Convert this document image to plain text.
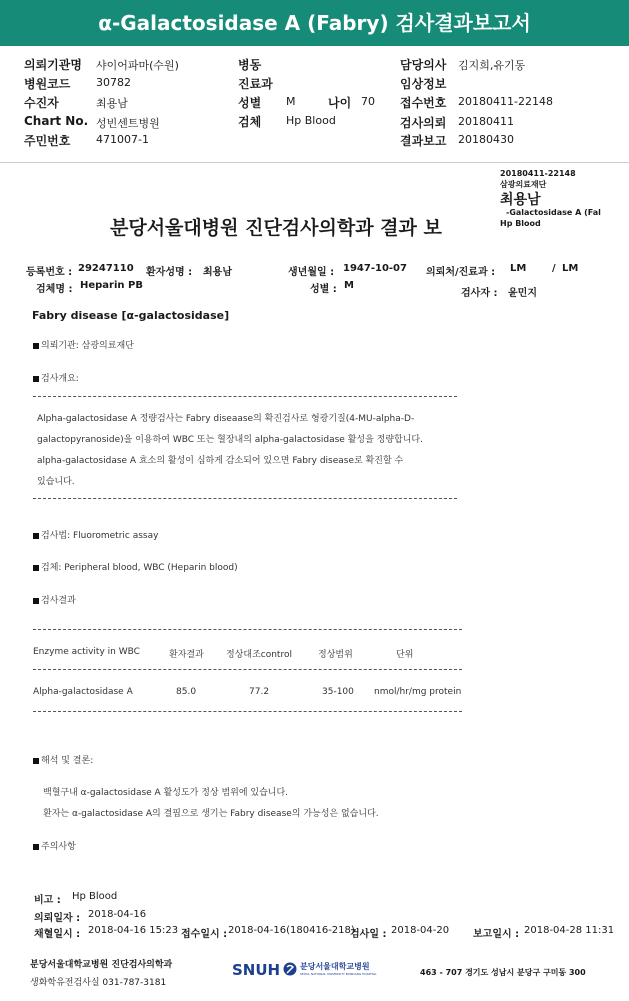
α-Galactosidase A (Fabry) 검사결과보고서
의뢰기관명 샤이어파마(수원)
병원코드 30782
수진자	최용남
Chart No. 성빈센트병원
주민번호 471007-1
병동
진료과
성별 M	나이 70
검체 Hp Blood
담당의사 김지희,유기동
임상정보
접수번호 20180411-22148
검사의뢰 20180411
결과보고 20180430
20180411-22148
삼광의료재단
최용남
-Galactosidase A (Fal
Hp Blood
분당서울대병원 진단검사의학과 결과 보
등록번호 : 29247110 환자성명 : 최용남	생년월일 : 1947-10-07 의뢰처/진료과 : LM	/ LM
검체명 : Heparin PB	성별 : M
검사자 : 윤민지
Fabry disease [α-galactosidase]
의뢰기관: 삼광의료재단
검사개요:
Alpha-galactosidase A 정량검사는 Fabry diseaase의 확진검사로 형광기질(4-MU-alpha-D-
galactopyranoside)을 이용하여 WBC 또는 혈장내의 alpha-galactosidase 활성을 정량합니다.
alpha-galactosidase A 효소의 활성이 심하게 감소되어 있으면 Fabry disease로 확진할 수
있습니다.
검사법: Fluorometric assay
검체: Peripheral blood, WBC (Heparin blood)
검사결과
Enzyme activity in WBC	환자결과 정상대조control	정상범위	단위
Alpha-galactosidase A	85.0	77.2	35-100 nmol/hr/mg protein
해석 및 결론:
백혈구내 α-galactosidase A 활성도가 정상 범위에 있습니다.
환자는 α-galactosidase A의 결핍으로 생기는 Fabry disease의 가능성은 없습니다.
주의사항
비고 : Hp Blood
의뢰일자 : 2018-04-16
채혈일시 : 2018-04-16 15:23 접수일시 : 2018-04-16(180416-218)
검사일 : 2018-04-20 보고일시 : 2018-04-28 11:31
분당서울대학교병원 진단검사의학과
생화학유전검사실 031-787-3181
SNUH 분당서울대학교병원
SEOUL NATIONAL UNIVERSITY BUNDANG HOSPITAL	463 - 707 경기도 성남시 분당구 구미동 300
